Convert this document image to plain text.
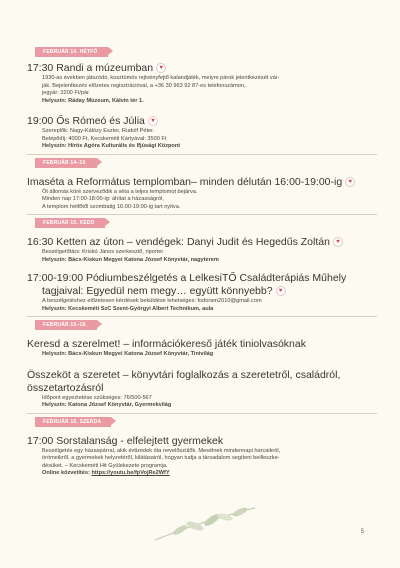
FEBRUÁR 14. HÉTFŐ
17:30 Randi a múzeumban ♥
1930-as években játszódó, kosztümös rejtvényfejtő kalandjáték, melyre párok jelentkezését vár-
ják. Bejelentkezés előzetes regisztrációval, a +36 30 963 92 87-es telefonszámon,
jegyár: 3200 Ft/pár.
Helyszín: Ráday Múzeum, Kálvin tér 1.
19:00 Ős Rómeó és Júlia ♥
Szereplők: Nagy-Kálózy Eszter, Rudolf Péter.
Belépődíj: 4000 Ft, Kecskeméti Kártyával: 3500 Ft
Helyszín: Hírös Agóra Kulturális és Ifjúsági Központ
FEBRUÁR 14–19.
Imaséta a Református templomban– minden délután 16:00-19:00-ig ♥
Öt állomás köré szerveződik a séta a teljes templomot bejárva.
Minden nap 17:00-18:00-ig: áhítat a házasságról,
A templom hétfőtől szombatig 16:00-19:00-ig tart nyitva.
FEBRUÁR 15. KEDD
16:30 Ketten az úton – vendégek: Danyi Judit és Hegedűs Zoltán ♥
Beszélgetőtárs: Kriskó János szerkesztő, riporter
Helyszín: Bács-Kiskun Megyei Katona József Könyvtár, nagyterem
17:00-19:00 Pódiumbeszélgetés a LelkesiTŐ Családterápiás Műhely
tagjaival: Egyedül nem megy… együtt könnyebb? ♥
A beszélgetéshez előzetesen kérdések beküldése lehetséges: fodoram2010@gmail.com
Helyszín: Kecskeméti SzC Szent-Györgyi Albert Technikum, aula
FEBRUÁR 15–18.
Keresd a szerelmet! – információkereső játék tiniolvasóknak
Helyszín: Bács-Kiskun Megyei Katona József Könyvtár, Tinivilág
Összeköt a szeretet – könyvtári foglalkozás a szeretetről, családról,
összetartozásról
Időpont egyeztetése szükséges: 76/500-567
Helyszín: Katona József Könyvtár, Gyermekvilág
FEBRUÁR 16. SZERDA
17:00 Sorstalanság - elfelejtett gyermekek
Beszélgetés egy házaspárral, akik évtizedek óta nevelőszülők. Mesélnek mindennapi harcaikról,
örömeikről, a gyermekek helyzetéről, kilátásairól, hogyan tudja a társadalom segíteni beilleszke-
désüket. – Kecskeméti Hit Gyülekezete programja.
Online közvetítés: https://youtu.be/fpVojRe2WfY
5
